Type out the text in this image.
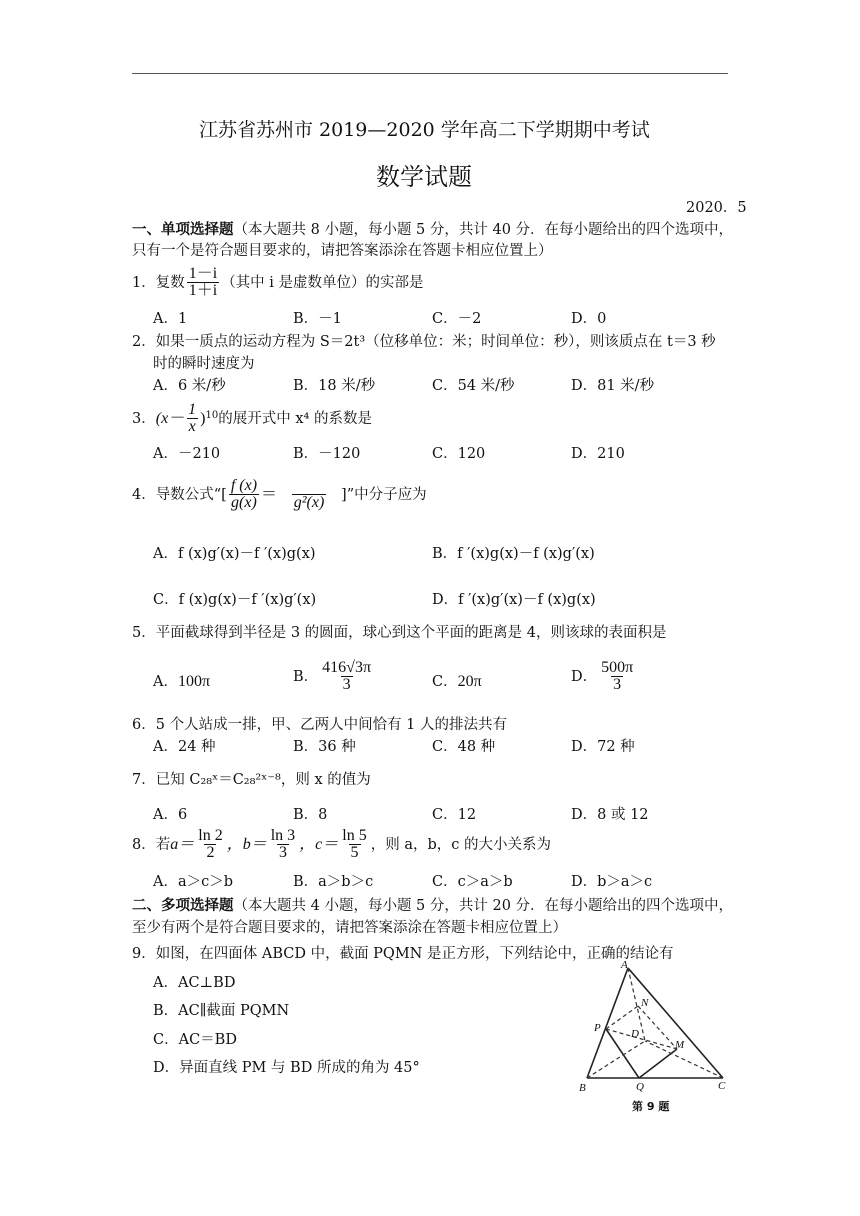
江苏省苏州市 2019—2020 学年高二下学期期中考试
数学试题
2020．5
一、单项选择题（本大题共 8 小题，每小题 5 分，共计 40 分．在每小题给出的四个选项中，
只有一个是符合题目要求的，请把答案添涂在答题卡相应位置上）
1． 复数 $\frac{1-i}{1+i}$ （其中 i 是虚数单位）的实部是
A．1	B．－1	C．－2	D．0
2．如果一质点的运动方程为 S＝2t³（位移单位：米；时间单位：秒），则该质点在 t＝3 秒
时的瞬时速度为
A．6 米/秒	B．18 米/秒	C．54 米/秒	D．81 米/秒
3． ($x- \frac{1}{x}$ ) 10 的展开式中 x⁴ 的系数是
A．－210	B．－120	C．120	D．210
4． 导数公式“[ $\frac{f (x)}{g(x)} = g^2(x)$ ]”中分子应为
A．f (x)g′(x)－f ′(x)g(x)	B．f ′(x)g(x)－f (x)g′(x)
C．f (x)g(x)－f ′(x)g′(x)	D．f ′(x)g′(x)－f (x)g(x)
5．平面截球得到半径是 3 的圆面，球心到这个平面的距离是 4，则该球的表面积是
A． 100π	B． $\frac{416√3\pi}{3}$	C． 20π	D． $\frac{500\pi}{3}$
6．5 个人站成一排，甲、乙两人中间恰有 1 人的排法共有
A．24 种	B．36 种	C．48 种	D．72 种
7．已知 C₂₈ˣ＝C₂₈²ˣ⁻⁸，则 x 的值为
A．6	B．8	C．12	D．8 或 12
8． 若 $a= \frac{\ln 2}{2}$ ，$b= \frac{\ln 3}{3}$ ，$c= \frac{\ln 5}{5}$ ，则 a，b，c 的大小关系为
A．a＞c＞b	B．a＞b＞c	C．c＞a＞b	D．b＞a＞c
二、多项选择题（本大题共 4 小题，每小题 5 分，共计 20 分．在每小题给出的四个选项中，
至少有两个是符合题目要求的，请把答案添涂在答题卡相应位置上）
9．如图，在四面体 ABCD 中，截面 PQMN 是正方形，下列结论中，正确的结论有
A．AC⊥BD
B．AC∥截面 PQMN
C．AC＝BD
D．异面直线 PM 与 BD 所成的角为 45°
A
B	C
D
P
Q
M
N
第 9 题
